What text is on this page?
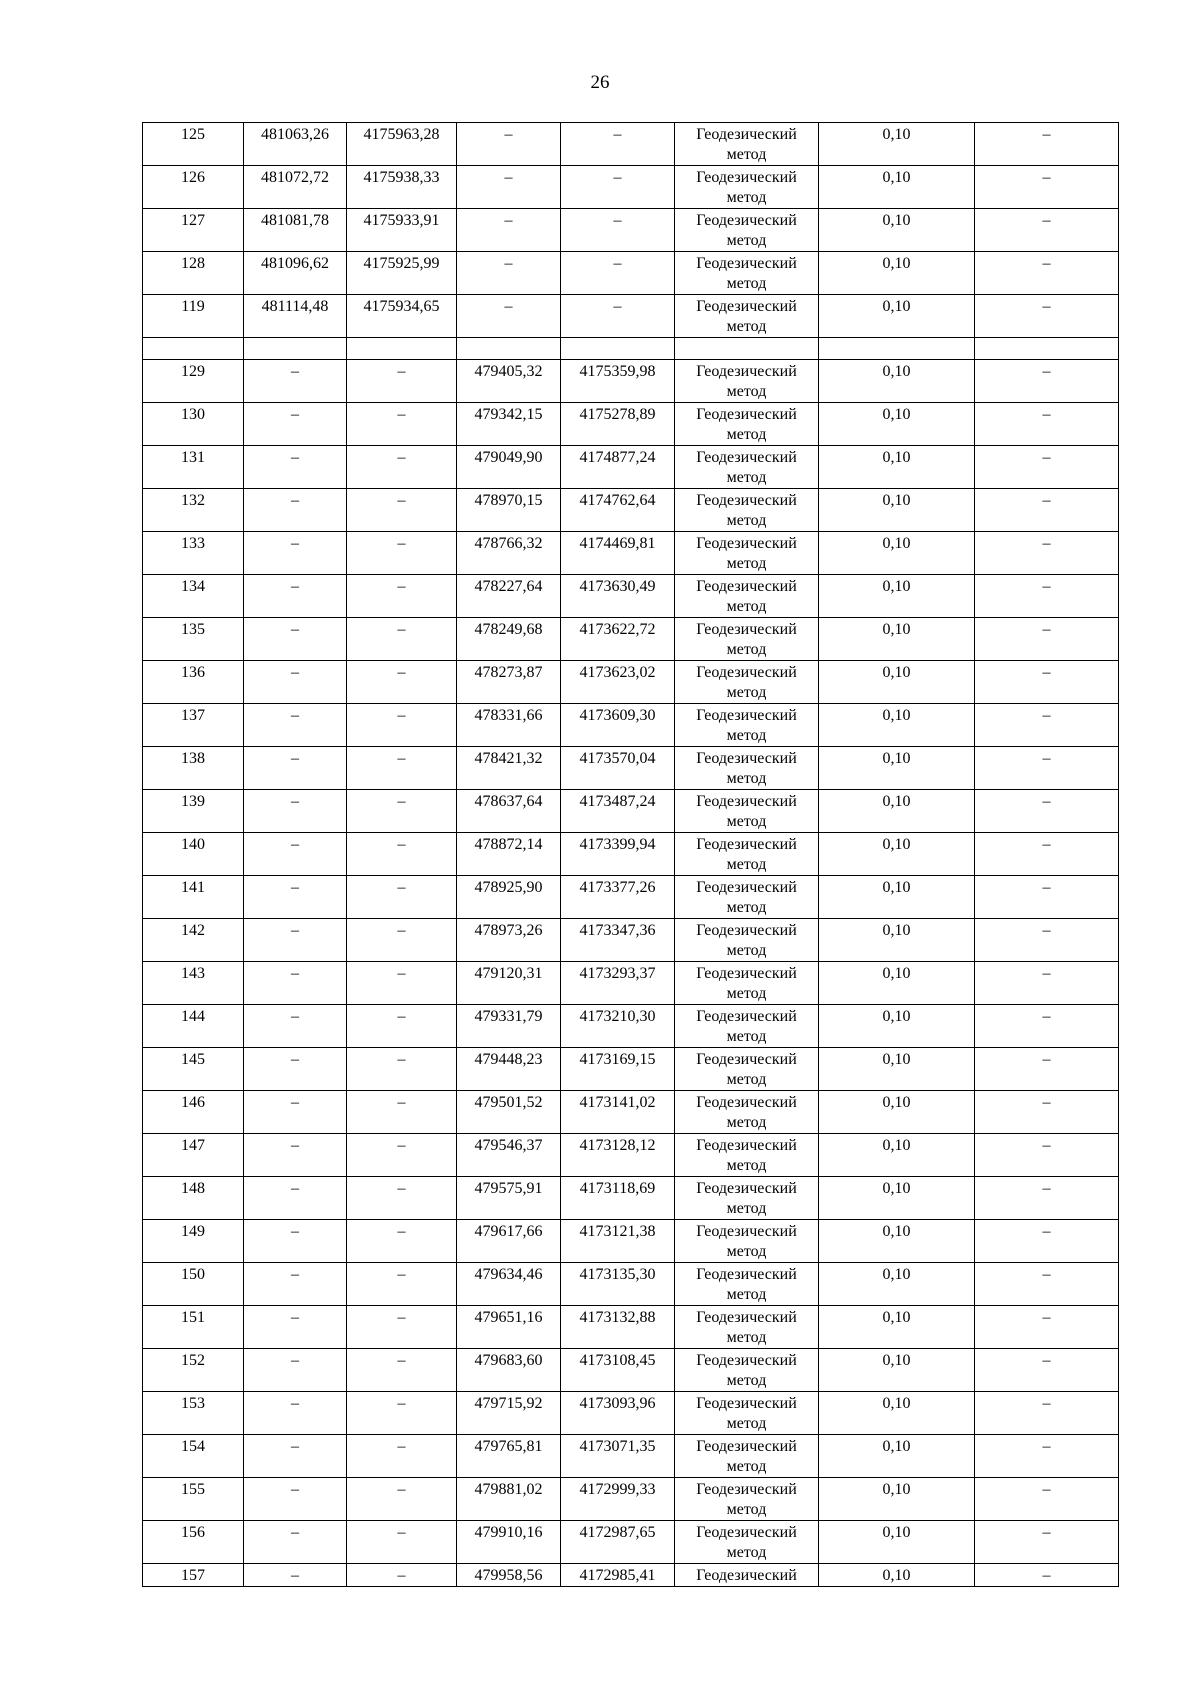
26
125	481063,26	4175963,28	–	–	Геодезический метод	0,10	–
126	481072,72	4175938,33	–	–	Геодезический метод	0,10	–
127	481081,78	4175933,91	–	–	Геодезический метод	0,10	–
128	481096,62	4175925,99	–	–	Геодезический метод	0,10	–
119	481114,48	4175934,65	–	–	Геодезический метод	0,10	–

129	–	–	479405,32	4175359,98	Геодезический метод	0,10	–
130	–	–	479342,15	4175278,89	Геодезический метод	0,10	–
131	–	–	479049,90	4174877,24	Геодезический метод	0,10	–
132	–	–	478970,15	4174762,64	Геодезический метод	0,10	–
133	–	–	478766,32	4174469,81	Геодезический метод	0,10	–
134	–	–	478227,64	4173630,49	Геодезический метод	0,10	–
135	–	–	478249,68	4173622,72	Геодезический метод	0,10	–
136	–	–	478273,87	4173623,02	Геодезический метод	0,10	–
137	–	–	478331,66	4173609,30	Геодезический метод	0,10	–
138	–	–	478421,32	4173570,04	Геодезический метод	0,10	–
139	–	–	478637,64	4173487,24	Геодезический метод	0,10	–
140	–	–	478872,14	4173399,94	Геодезический метод	0,10	–
141	–	–	478925,90	4173377,26	Геодезический метод	0,10	–
142	–	–	478973,26	4173347,36	Геодезический метод	0,10	–
143	–	–	479120,31	4173293,37	Геодезический метод	0,10	–
144	–	–	479331,79	4173210,30	Геодезический метод	0,10	–
145	–	–	479448,23	4173169,15	Геодезический метод	0,10	–
146	–	–	479501,52	4173141,02	Геодезический метод	0,10	–
147	–	–	479546,37	4173128,12	Геодезический метод	0,10	–
148	–	–	479575,91	4173118,69	Геодезический метод	0,10	–
149	–	–	479617,66	4173121,38	Геодезический метод	0,10	–
150	–	–	479634,46	4173135,30	Геодезический метод	0,10	–
151	–	–	479651,16	4173132,88	Геодезический метод	0,10	–
152	–	–	479683,60	4173108,45	Геодезический метод	0,10	–
153	–	–	479715,92	4173093,96	Геодезический метод	0,10	–
154	–	–	479765,81	4173071,35	Геодезический метод	0,10	–
155	–	–	479881,02	4172999,33	Геодезический метод	0,10	–
156	–	–	479910,16	4172987,65	Геодезический метод	0,10	–
157	–	–	479958,56	4172985,41	Геодезический	0,10	–
